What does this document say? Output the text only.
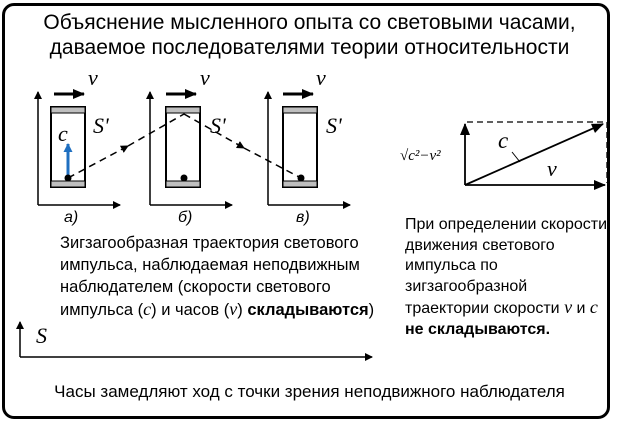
Объяснение мысленного опыта со световыми часами,
даваемое последователями теории относительности
v
S'
c
а)
v
S'
б)
v
S'
в)
S
c
v
√c²−v²
Зигзагообразная траектория световогo импульса, наблюдаемая неподвижным наблюдателем (скорости светового импульса (c) и часов (v) складываются)
При определении скорости движения светового импульса по зигзагообразной траектории скорости v и c не складываются.
Часы замедляют ход с точки зрения неподвижного наблюдателя
